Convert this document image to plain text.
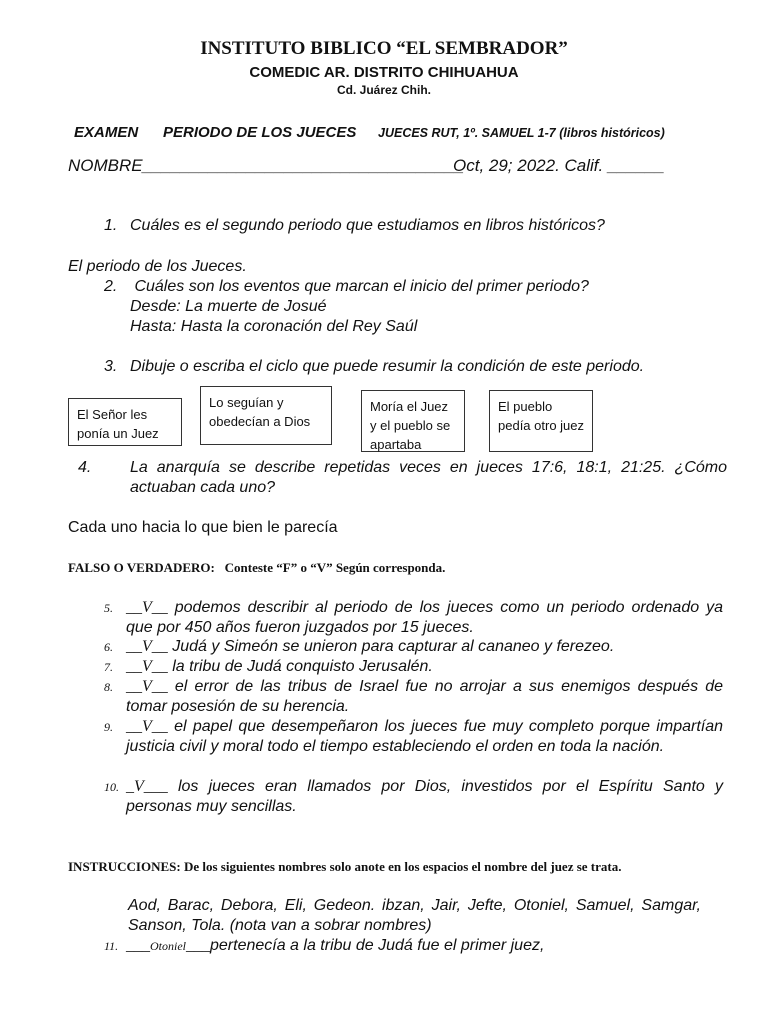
INSTITUTO BIBLICO “EL SEMBRADOR”
COMEDIC AR. DISTRITO CHIHUAHUA
Cd. Juárez Chih.
EXAMEN PERIODO DE LOS JUECES JUECES RUT, 1º. SAMUEL 1-7 (libros históricos)
NOMBRE__________________________________
Oct, 29; 2022. Calif. ______
1. Cuáles es el segundo periodo que estudiamos en libros históricos?
El periodo de los Jueces.
2. Cuáles son los eventos que marcan el inicio del primer periodo?
Desde: La muerte de Josué
Hasta: Hasta la coronación del Rey Saúl
3. Dibuje o escriba el ciclo que puede resumir la condición de este periodo.
El Señor les ponía un Juez
Lo seguían y obedecían a Dios
Moría el Juez y el pueblo se apartaba
El pueblo pedía otro juez
4. La anarquía se describe repetidas veces en jueces 17:6, 18:1, 21:25. ¿Cómo actuaban cada uno?
Cada uno hacia lo que bien le parecía
FALSO O VERDADERO: Conteste “F” o “V” Según corresponda.
5. __V__ podemos describir al periodo de los jueces como un periodo ordenado ya que por 450 años fueron juzgados por 15 jueces.
6. __V__ Judá y Simeón se unieron para capturar al cananeo y ferezeo.
7. __V__ la tribu de Judá conquisto Jerusalén.
8. __V__ el error de las tribus de Israel fue no arrojar a sus enemigos después de tomar posesión de su herencia.
9. __V__ el papel que desempeñaron los jueces fue muy completo porque impartían justicia civil y moral todo el tiempo estableciendo el orden en toda la nación.
10. _V___ los jueces eran llamados por Dios, investidos por el Espíritu Santo y personas muy sencillas.
INSTRUCCIONES: De los siguientes nombres solo anote en los espacios el nombre del juez se trata.
Aod, Barac, Debora, Eli, Gedeon. ibzan, Jair, Jefte, Otoniel, Samuel, Samgar, Sanson, Tola. (nota van a sobrar nombres)
11. ___Otoniel___pertenecía a la tribu de Judá fue el primer juez,
